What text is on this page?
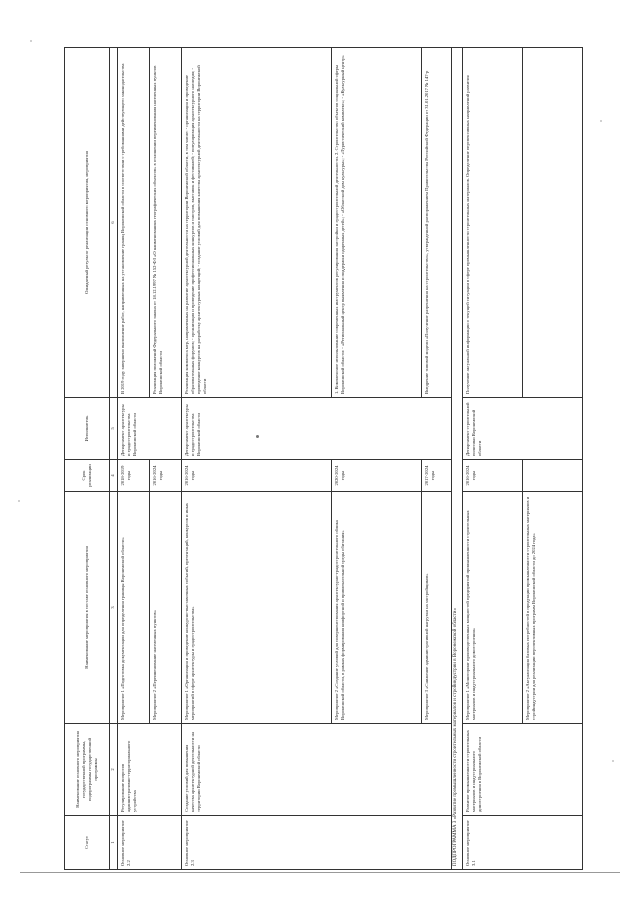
Статус	Наименование основного мероприятия государственной программы, подпрограммы государственной программы	Наименование мероприятия в составе основного мероприятия	Срок реализации	Исполнитель	Ожидаемый результат реализации основного мероприятия, мероприятия
1	2	3	4	5	6
Основное мероприятие 2.2	Регулирование вопросов административно-территориального устройства	Мероприятие 1 «Подготовка документации для определения границы Воронежской области»	2018-2019 годы	Департамент архитектуры и градостроительства Воронежской области	В 2019 году завершено выполнение работ, направленных на установление границ Воронежской области в соответствии с требованиями действующего законодательства
		Мероприятие 2 «Переименование населенных пунктов»	2016-2024 годы		Реализация положений Федерального закона от 18.12.1997 № 152-ФЗ «О наименованиях географических объектов» в отношении переименования населенных пунктов Воронежской области
Основное мероприятие 2.3	Создание условий для повышения качества архитектурной деятельности на территории Воронежской области	Мероприятие 1 «Организация и проведение конкурсно-выставочных событий, презентаций, конкурсов и иных мероприятий в сфере архитектуры и градостроительства»	2016-2024 годы	Департамент архитектуры и градостроительства Воронежской области	Реализация комплекса мер, направленных на развитие архитектурной деятельности на территории Воронежской области, в том числе: - организация и проведение образовательных форумов; - организация и проведение профессиональных конкурсов и смотров, выставок и фестивалей; - популяризация архитектурного наследия; - проведение конкурсов на разработку архитектурных концепций; - создание условий для повышения качества архитектурной деятельности на территории Воронежской области
		Мероприятие 2 «Создание условий для совершенствования архитектурно-градостроительного облика Воронежской области, в рамках формирования комфортной и привлекательной среды обитания»	2020-2024 годы		1. Комплексное использование современных инструментов регулирования застройки и градостроительной деятельности. 2. Строительство объектов социальной сферы Воронежской области: - «Региональный центр выявления и поддержки одаренных детей»; - «Областной дом культуры»; - «Туристический комплекс»; - «Культурный центр»
		Мероприятие 3 «Снижение административной нагрузки на застройщиков»	2017-2024 годы		Внедрение типовой модели «Получение разрешения на строительство», утвержденной распоряжением Правительства Российской Федерации от 31.01.2017 № 147-р
ПОДПРОГРАММА 3 «Развитие промышленности строительных материалов и стройиндустрии в Воронежской области»					
Основное мероприятие 3.1	Развитие промышленности строительных материалов и индустриального домостроения в Воронежской области	Мероприятие 1 «Мониторинг производственных мощностей предприятий промышленности строительных материалов и индустриального домостроения»	2016-2024 годы	Департамент строительной политики Воронежской области	Получение актуальной информации о текущей ситуации в сфере промышленности строительных материалов. Определение перспективных направлений развития
		Мероприятие 2 «Актуализация базовых потребностей в продукции промышленности строительных материалов и стройиндустрии для реализации перспективных программ Воронежской области до 2024 года»			
